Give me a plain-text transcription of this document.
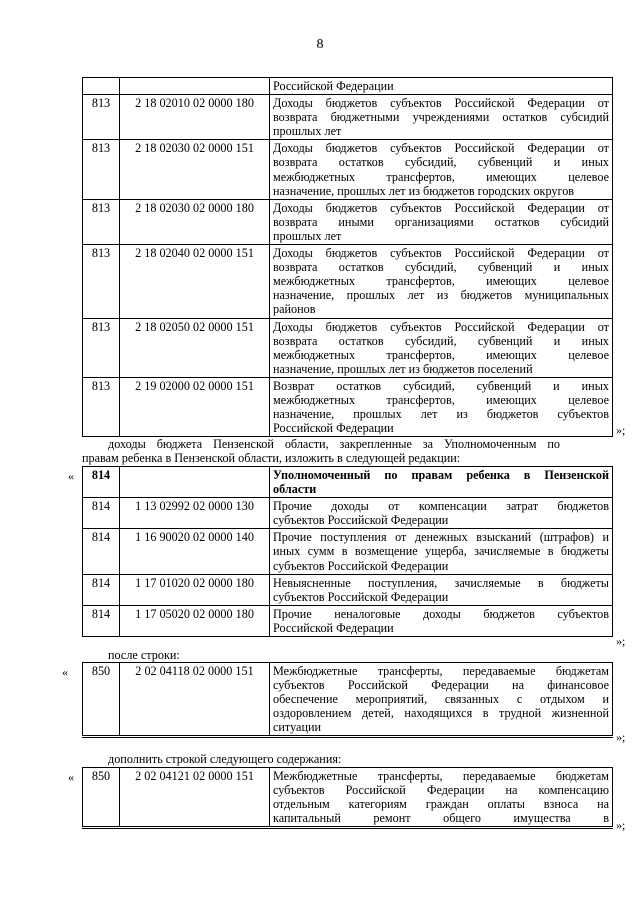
8
		Российской Федерации
813	2 18 02010 02 0000 180	Доходы бюджетов субъектов Российской Федерации от
возврата бюджетными учреждениями остатков субсидий
прошлых лет
813	2 18 02030 02 0000 151	Доходы бюджетов субъектов Российской Федерации от
возврата остатков субсидий, субвенций и иных
межбюджетных трансфертов, имеющих целевое
назначение, прошлых лет из бюджетов городских округов
813	2 18 02030 02 0000 180	Доходы бюджетов субъектов Российской Федерации от
возврата иными организациями остатков субсидий
прошлых лет
813	2 18 02040 02 0000 151	Доходы бюджетов субъектов Российской Федерации от
возврата остатков субсидий, субвенций и иных
межбюджетных трансфертов, имеющих целевое
назначение, прошлых лет из бюджетов муниципальных
районов
813	2 18 02050 02 0000 151	Доходы бюджетов субъектов Российской Федерации от
возврата остатков субсидий, субвенций и иных
межбюджетных трансфертов, имеющих целевое
назначение, прошлых лет из бюджетов поселений
813	2 19 02000 02 0000 151	Возврат остатков субсидий, субвенций и иных
межбюджетных трансфертов, имеющих целевое
назначение, прошлых лет из бюджетов субъектов
Российской Федерации	»;
доходы бюджета Пензенской области, закрепленные за Уполномоченным по
правам ребенка в Пензенской области, изложить в следующей редакции:
« 814		Уполномоченный по правам ребенка в Пензенской
области
814	1 13 02992 02 0000 130	Прочие доходы от компенсации затрат бюджетов
субъектов Российской Федерации
814	1 16 90020 02 0000 140	Прочие поступления от денежных взысканий (штрафов) и
иных сумм в возмещение ущерба, зачисляемые в бюджеты
субъектов Российской Федерации
814	1 17 01020 02 0000 180	Невыясненные поступления, зачисляемые в бюджеты
субъектов Российской Федерации
814	1 17 05020 02 0000 180	Прочие неналоговые доходы бюджетов субъектов
Российской Федерации
»;
после строки:
« 850	2 02 04118 02 0000 151	Межбюджетные трансферты, передаваемые бюджетам
субъектов Российской Федерации на финансовое
обеспечение мероприятий, связанных с отдыхом и
оздоровлением детей, находящихся в трудной жизненной
ситуации
»;
дополнить строкой следующего содержания:
« 850	2 02 04121 02 0000 151	Межбюджетные трансферты, передаваемые бюджетам
субъектов Российской Федерации на компенсацию
отдельным категориям граждан оплаты взноса на
капитальный ремонт общего имущества в »;
